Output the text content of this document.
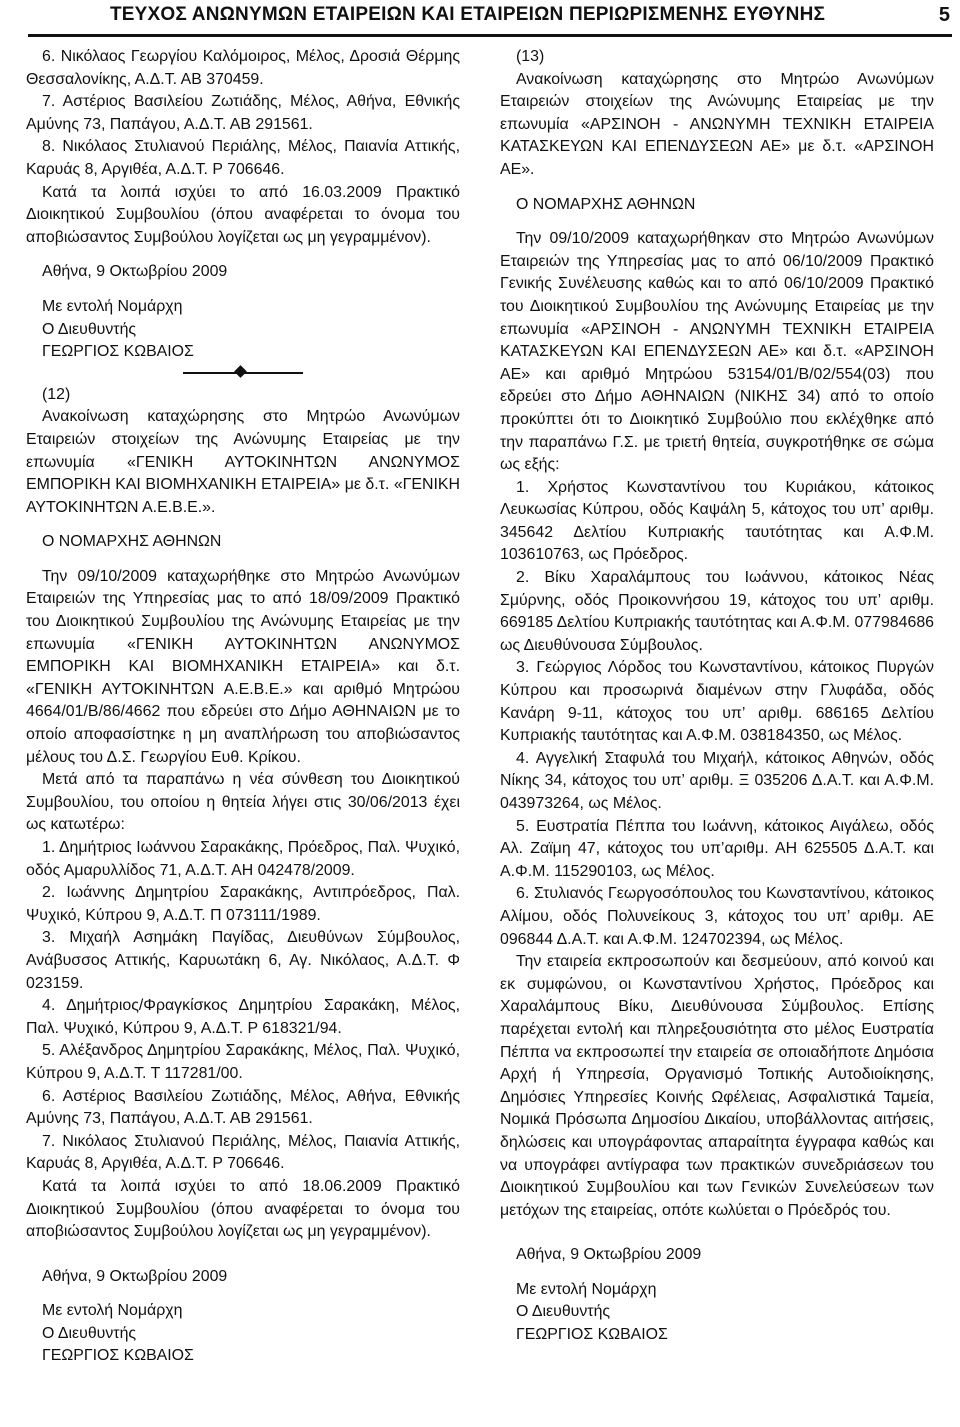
ΤΕΥΧΟΣ ΑΝΩΝΥΜΩΝ ΕΤΑΙΡΕΙΩΝ ΚΑΙ ΕΤΑΙΡΕΙΩΝ ΠΕΡΙΩΡΙΣΜΕΝΗΣ ΕΥΘΥΝΗΣ	5

6. Νικόλαος Γεωργίου Καλόμοιρος, Μέλος, Δροσιά Θέρμης Θεσσαλονίκης, Α.Δ.Τ. ΑΒ 370459.

7. Αστέριος Βασιλείου Ζωτιάδης, Μέλος, Αθήνα, Εθνικής Αμύνης 73, Παπάγου, Α.Δ.Τ. ΑΒ 291561.

8. Νικόλαος Στυλιανού Περιάλης, Μέλος, Παιανία Αττικής, Καρυάς 8, Αργιθέα, Α.Δ.Τ. Ρ 706646.

Κατά τα λοιπά ισχύει το από 16.03.2009 Πρακτικό Διοικητικού Συμβουλίου (όπου αναφέρεται το όνομα του αποβιώσαντος Συμβούλου λογίζεται ως μη γεγραμμένον).

Αθήνα, 9 Οκτωβρίου 2009

Με εντολή Νομάρχη

Ο Διευθυντής

ΓΕΩΡΓΙΟΣ ΚΩΒΑΙΟΣ

(12)

Ανακοίνωση καταχώρησης στο Μητρώο Ανωνύμων Εταιρειών στοιχείων της Ανώνυμης Εταιρείας με την επωνυμία «ΓΕΝΙΚΗ ΑΥΤΟΚΙΝΗΤΩΝ ΑΝΩΝΥΜΟΣ ΕΜΠΟΡΙΚΗ ΚΑΙ ΒΙΟΜΗΧΑΝΙΚΗ ΕΤΑΙΡΕΙΑ» με δ.τ. «ΓΕΝΙΚΗ ΑΥΤΟΚΙΝΗΤΩΝ Α.Ε.Β.Ε.».

Ο ΝΟΜΑΡΧΗΣ ΑΘΗΝΩΝ

Την 09/10/2009 καταχωρήθηκε στο Μητρώο Ανωνύμων Εταιρειών της Υπηρεσίας μας το από 18/09/2009 Πρακτικό του Διοικητικού Συμβουλίου της Ανώνυμης Εταιρείας με την επωνυμία «ΓΕΝΙΚΗ ΑΥΤΟΚΙΝΗΤΩΝ ΑΝΩΝΥΜΟΣ ΕΜΠΟΡΙΚΗ ΚΑΙ ΒΙΟΜΗΧΑΝΙΚΗ ΕΤΑΙΡΕΙΑ» και δ.τ. «ΓΕΝΙΚΗ ΑΥΤΟΚΙΝΗΤΩΝ Α.Ε.Β.Ε.» και αριθμό Μητρώου 4664/01/Β/86/4662 που εδρεύει στο Δήμο ΑΘΗΝΑΙΩΝ με το οποίο αποφασίστηκε η μη αναπλήρωση του αποβιώσαντος μέλους του Δ.Σ. Γεωργίου Ευθ. Κρίκου.

Μετά από τα παραπάνω η νέα σύνθεση του Διοικητικού Συμβουλίου, του οποίου η θητεία λήγει στις 30/06/2013 έχει ως κατωτέρω:

1. Δημήτριος Ιωάννου Σαρακάκης, Πρόεδρος, Παλ. Ψυχικό, οδός Αμαρυλλίδος 71, Α.Δ.Τ. ΑΗ 042478/2009.

2. Ιωάννης Δημητρίου Σαρακάκης, Αντιπρόεδρος, Παλ. Ψυχικό, Κύπρου 9, Α.Δ.Τ. Π 073111/1989.

3. Μιχαήλ Ασημάκη Παγίδας, Διευθύνων Σύμβουλος, Ανάβυσσος Αττικής, Καρυωτάκη 6, Αγ. Νικόλαος, Α.Δ.Τ. Φ 023159.

4. Δημήτριος/Φραγκίσκος Δημητρίου Σαρακάκη, Μέλος, Παλ. Ψυχικό, Κύπρου 9, Α.Δ.Τ. Ρ 618321/94.

5. Αλέξανδρος Δημητρίου Σαρακάκης, Μέλος, Παλ. Ψυχικό, Κύπρου 9, Α.Δ.Τ. Τ 117281/00.

6. Αστέριος Βασιλείου Ζωτιάδης, Μέλος, Αθήνα, Εθνικής Αμύνης 73, Παπάγου, Α.Δ.Τ. ΑΒ 291561.

7. Νικόλαος Στυλιανού Περιάλης, Μέλος, Παιανία Αττικής, Καρυάς 8, Αργιθέα, Α.Δ.Τ. Ρ 706646.

Κατά τα λοιπά ισχύει το από 18.06.2009 Πρακτικό Διοικητικού Συμβουλίου (όπου αναφέρεται το όνομα του αποβιώσαντος Συμβούλου λογίζεται ως μη γεγραμμένον).

Αθήνα, 9 Οκτωβρίου 2009

Με εντολή Νομάρχη

Ο Διευθυντής

ΓΕΩΡΓΙΟΣ ΚΩΒΑΙΟΣ

(13)

Ανακοίνωση καταχώρησης στο Μητρώο Ανωνύμων Εταιρειών στοιχείων της Ανώνυμης Εταιρείας με την επωνυμία «ΑΡΣΙΝΟΗ - ΑΝΩΝΥΜΗ ΤΕΧΝΙΚΗ ΕΤΑΙΡΕΙΑ ΚΑΤΑΣΚΕΥΩΝ ΚΑΙ ΕΠΕΝΔΥΣΕΩΝ ΑΕ» με δ.τ. «ΑΡΣΙΝΟΗ ΑΕ».

Ο ΝΟΜΑΡΧΗΣ ΑΘΗΝΩΝ

Την 09/10/2009 καταχωρήθηκαν στο Μητρώο Ανωνύμων Εταιρειών της Υπηρεσίας μας το από 06/10/2009 Πρακτικό Γενικής Συνέλευσης καθώς και το από 06/10/2009 Πρακτικό του Διοικητικού Συμβουλίου της Ανώνυμης Εταιρείας με την επωνυμία «ΑΡΣΙΝΟΗ - ΑΝΩΝΥΜΗ ΤΕΧΝΙΚΗ ΕΤΑΙΡΕΙΑ ΚΑΤΑΣΚΕΥΩΝ ΚΑΙ ΕΠΕΝΔΥΣΕΩΝ ΑΕ» και δ.τ. «ΑΡΣΙΝΟΗ ΑΕ» και αριθμό Μητρώου 53154/01/Β/02/554(03) που εδρεύει στο Δήμο ΑΘΗΝΑΙΩΝ (ΝΙΚΗΣ 34) από το οποίο προκύπτει ότι το Διοικητικό Συμβούλιο που εκλέχθηκε από την παραπάνω Γ.Σ. με τριετή θητεία, συγκροτήθηκε σε σώμα ως εξής:

1. Χρήστος Κωνσταντίνου του Κυριάκου, κάτοικος Λευκωσίας Κύπρου, οδός Καψάλη 5, κάτοχος του υπ’ αριθμ. 345642 Δελτίου Κυπριακής ταυτότητας και Α.Φ.Μ. 103610763, ως Πρόεδρος.

2. Βίκυ Χαραλάμπους του Ιωάννου, κάτοικος Νέας Σμύρνης, οδός Προικοννήσου 19, κάτοχος του υπ’ αριθμ. 669185 Δελτίου Κυπριακής ταυτότητας και Α.Φ.Μ. 077984686 ως Διευθύνουσα Σύμβουλος.

3. Γεώργιος Λόρδος του Κωνσταντίνου, κάτοικος Πυργών Κύπρου και προσωρινά διαμένων στην Γλυφάδα, οδός Κανάρη 9-11, κάτοχος του υπ’ αριθμ. 686165 Δελτίου Κυπριακής ταυτότητας και Α.Φ.Μ. 038184350, ως Μέλος.

4. Αγγελική Σταφυλά του Μιχαήλ, κάτοικος Αθηνών, οδός Νίκης 34, κάτοχος του υπ’ αριθμ. Ξ 035206 Δ.Α.Τ. και Α.Φ.Μ. 043973264, ως Μέλος.

5. Ευστρατία Πέππα του Ιωάννη, κάτοικος Αιγάλεω, οδός Αλ. Ζαϊμη 47, κάτοχος του υπ’αριθμ. ΑΗ 625505 Δ.Α.Τ. και Α.Φ.Μ. 115290103, ως Μέλος.

6. Στυλιανός Γεωργοσόπουλος του Κωνσταντίνου, κάτοικος Αλίμου, οδός Πολυνείκους 3, κάτοχος του υπ’ αριθμ. ΑΕ 096844 Δ.Α.Τ. και Α.Φ.Μ. 124702394, ως Μέλος.

Την εταιρεία εκπροσωπούν και δεσμεύουν, από κοινού και εκ συμφώνου, οι Κωνσταντίνου Χρήστος, Πρόεδρος και Χαραλάμπους Βίκυ, Διευθύνουσα Σύμβουλος. Επίσης παρέχεται εντολή και πληρεξουσιότητα στο μέλος Ευστρατία Πέππα να εκπροσωπεί την εταιρεία σε οποιαδήποτε Δημόσια Αρχή ή Υπηρεσία, Οργανισμό Τοπικής Αυτοδιοίκησης, Δημόσιες Υπηρεσίες Κοινής Ωφέλειας, Ασφαλιστικά Ταμεία, Νομικά Πρόσωπα Δημοσίου Δικαίου, υποβάλλοντας αιτήσεις, δηλώσεις και υπογράφοντας απαραίτητα έγγραφα καθώς και να υπογράφει αντίγραφα των πρακτικών συνεδριάσεων του Διοικητικού Συμβουλίου και των Γενικών Συνελεύσεων των μετόχων της εταιρείας, οπότε κωλύεται ο Πρόεδρός του.

Αθήνα, 9 Οκτωβρίου 2009

Με εντολή Νομάρχη

Ο Διευθυντής

ΓΕΩΡΓΙΟΣ ΚΩΒΑΙΟΣ
